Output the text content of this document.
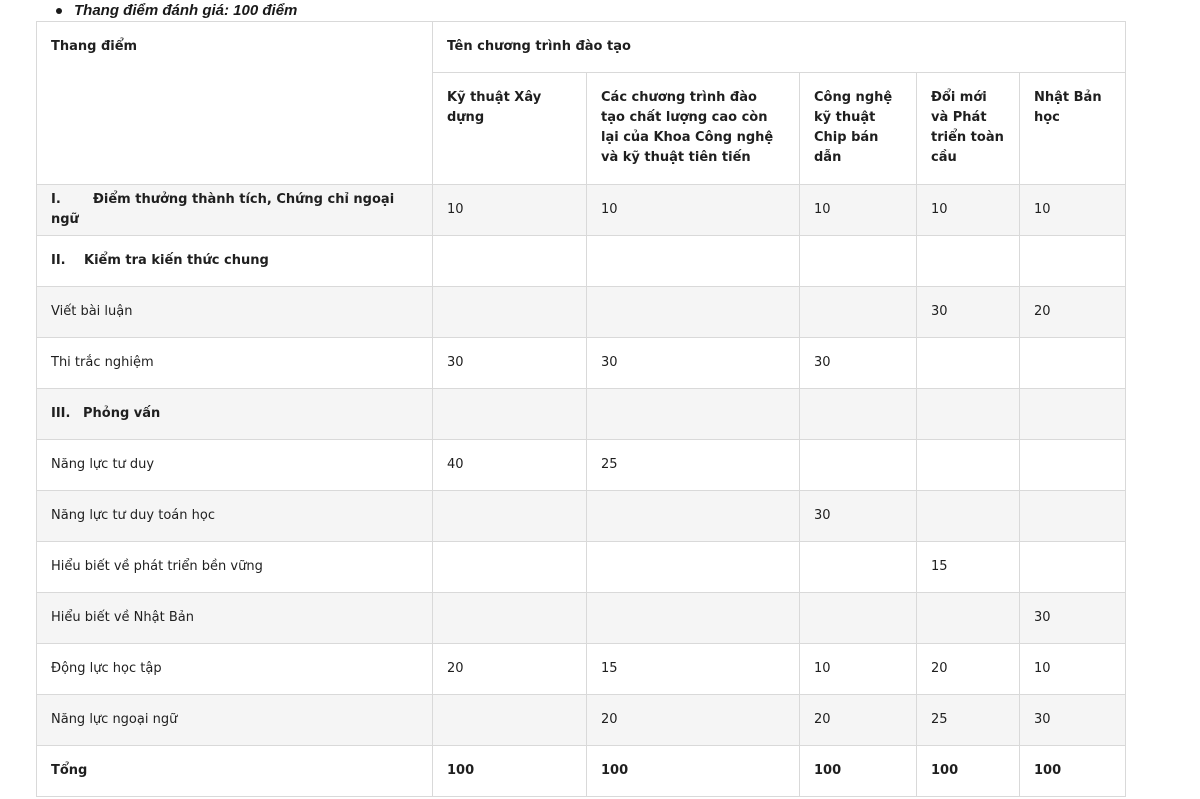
Thang điểm đánh giá: 100 điểm
Thang điểm	Tên chương trình đào tạo				
	Kỹ thuật Xây dựng	Các chương trình đào tạo chất lượng cao còn lại của Khoa Công nghệ và kỹ thuật tiên tiến	Công nghệ kỹ thuật Chip bán dẫn	Đổi mới và Phát triển toàn cầu	Nhật Bản học
I. Điểm thưởng thành tích, Chứng chỉ ngoại ngữ	10	10	10	10	10
II. Kiểm tra kiến thức chung					
Viết bài luận				30	20
Thi trắc nghiệm	30	30	30		
III. Phỏng vấn					
Năng lực tư duy	40	25			
Năng lực tư duy toán học			30		
Hiểu biết về phát triển bền vững				15	
Hiểu biết về Nhật Bản					30
Động lực học tập	20	15	10	20	10
Năng lực ngoại ngữ		20	20	25	30
Tổng	100	100	100	100	100
